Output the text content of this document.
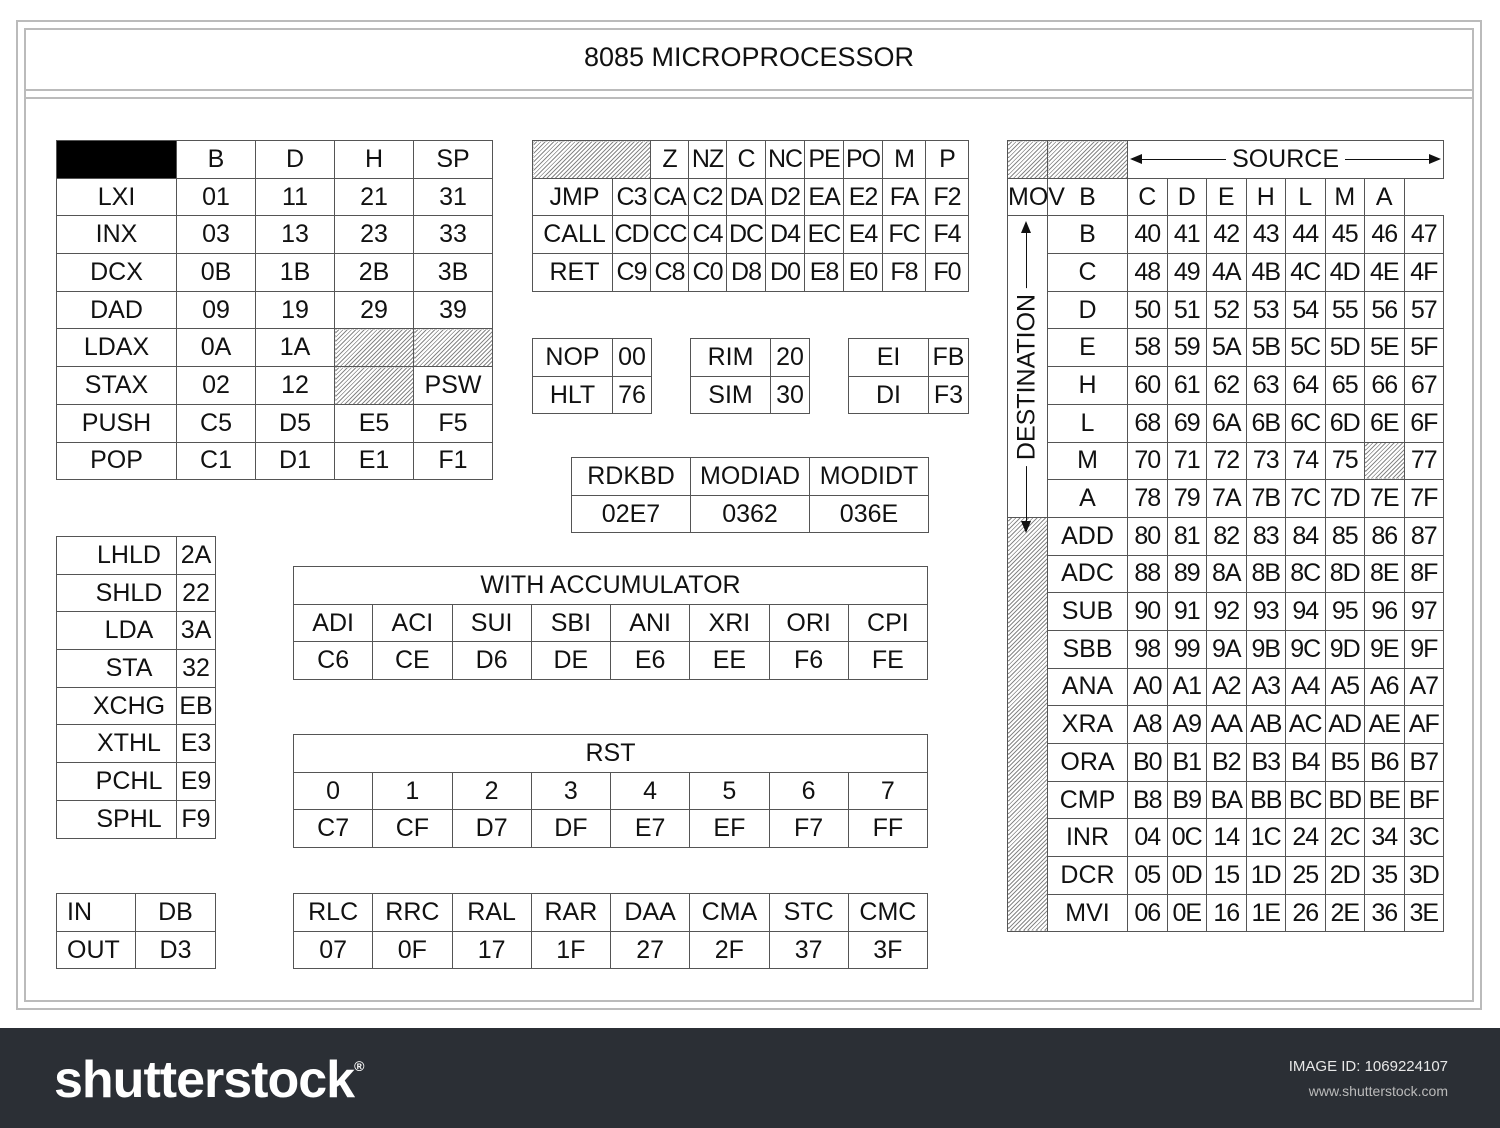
8085 MICROPROCESSOR
	B	D	H	SP
LXI	01	11	21	31
INX	03	13	23	33
DCX	0B	1B	2B	3B
DAD	09	19	29	39
LDAX	0A	1A		
STAX	02	12		PSW
PUSH	C5	D5	E5	F5
POP	C1	D1	E1	F1
		Z	NZ	C	NC	PE	PO	M	P
JMP	C3	CA	C2	DA	D2	EA	E2	FA	F2
CALL	CD	CC	C4	DC	D4	EC	E4	FC	F4
RET	C9	C8	C0	D8	D0	E8	E0	F8	F0
NOP	00
HLT	76
RIM	20
SIM	30
EI	FB
DI	F3
RDKBD	MODIAD	MODIDT
02E7	0362	036E
LHLD	2A
SHLD	22
LDA	3A
STA	32
XCHG	EB
XTHL	E3
PCHL	E9
SPHL	F9
WITH ACCUMULATOR							
ADI	ACI	SUI	SBI	ANI	XRI	ORI	CPI
C6	CE	D6	DE	E6	EE	F6	FE
RST							
0	1	2	3	4	5	6	7
C7	CF	D7	DF	E7	EF	F7	FF
IN	DB
OUT	D3
RLC	RRC	RAL	RAR	DAA	CMA	STC	CMC
07	0F	17	1F	27	2F	37	3F

SOURCE							
MOV	B	C	D	E	H	L	M	A	
	B	40	41	42	43	44	45	46	47
	C	48	49	4A	4B	4C	4D	4E	4F
	D	50	51	52	53	54	55	56	57
	E	58	59	5A	5B	5C	5D	5E	5F
	H	60	61	62	63	64	65	66	67
	L	68	69	6A	6B	6C	6D	6E	6F
	M	70	71	72	73	74	75		77
	A	78	79	7A	7B	7C	7D	7E	7F
	ADD	80	81	82	83	84	85	86	87
	ADC	88	89	8A	8B	8C	8D	8E	8F
	SUB	90	91	92	93	94	95	96	97
	SBB	98	99	9A	9B	9C	9D	9E	9F
	ANA	A0	A1	A2	A3	A4	A5	A6	A7
	XRA	A8	A9	AA	AB	AC	AD	AE	AF
	ORA	B0	B1	B2	B3	B4	B5	B6	B7
	CMP	B8	B9	BA	BB	BC	BD	BE	BF
	INR	04	0C	14	1C	24	2C	34	3C
	DCR	05	0D	15	1D	25	2D	35	3D
	MVI	06	0E	16	1E	26	2E	36	3E
DESTINATION
shutterstock®	IMAGE ID: 1069224107
www.shutterstock.com
